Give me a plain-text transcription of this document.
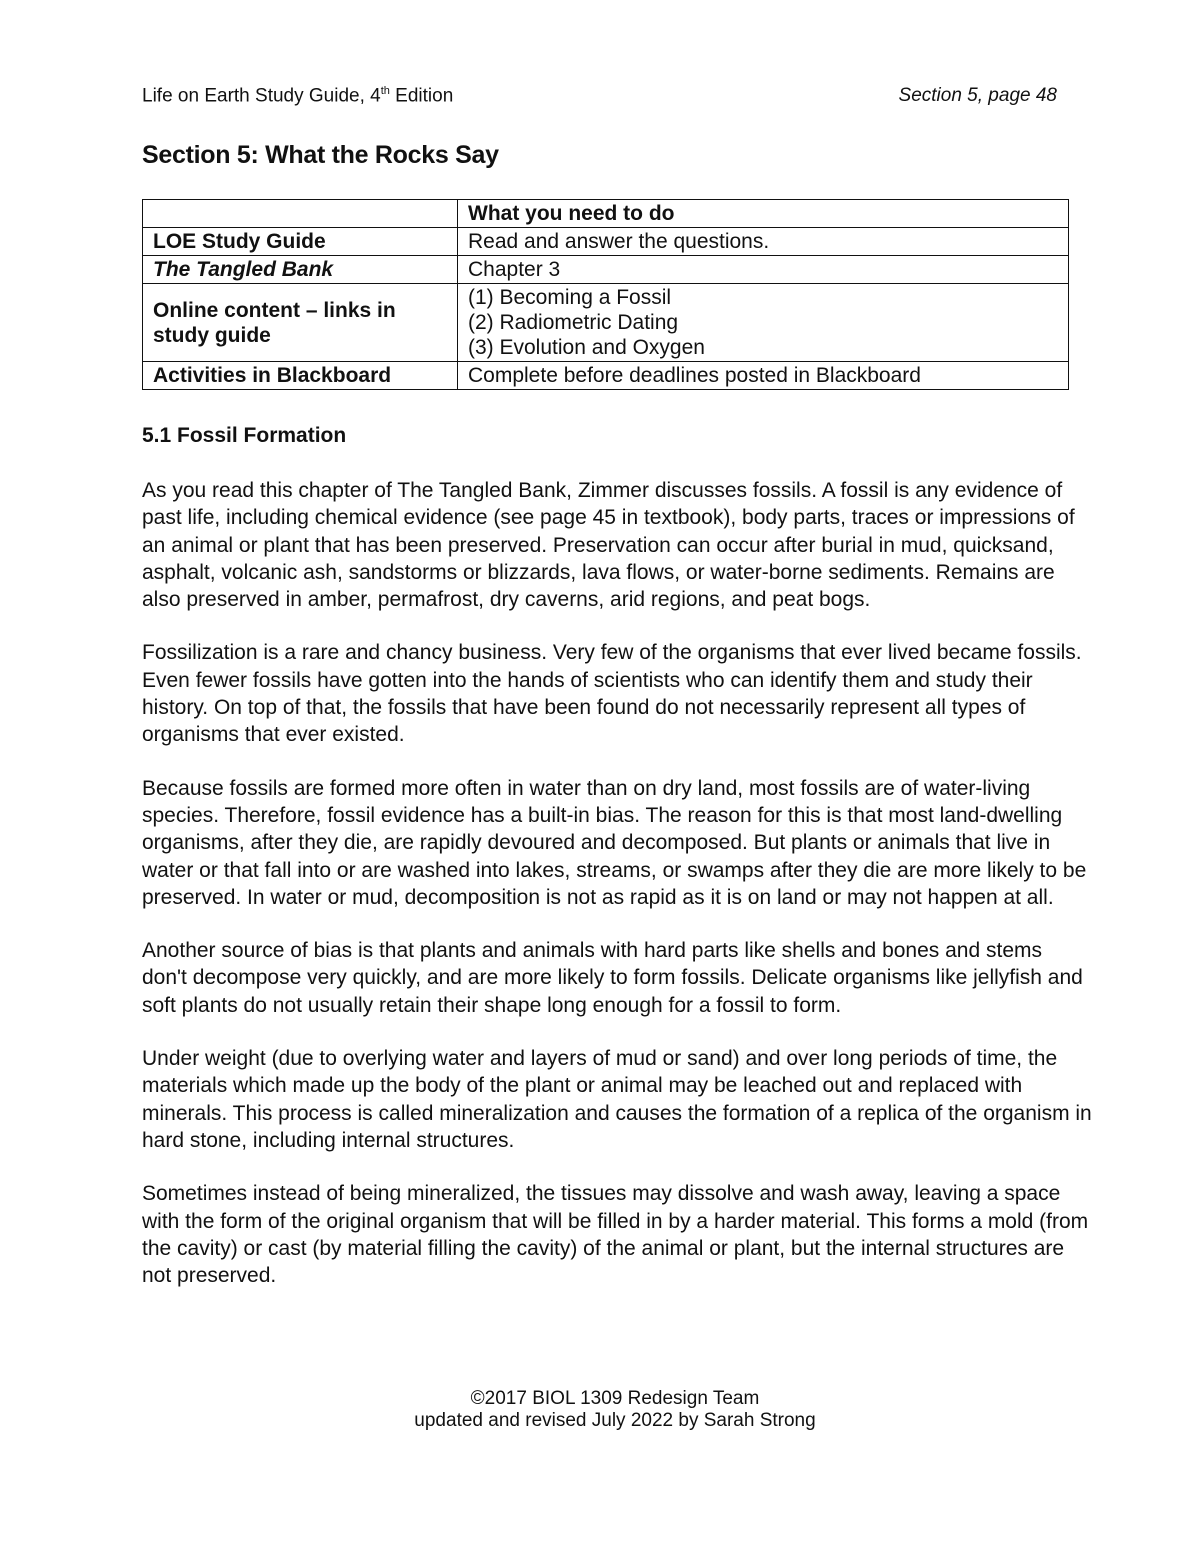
Life on Earth Study Guide, 4th Edition	Section 5, page 48
Section 5: What the Rocks Say
	What you need to do
LOE Study Guide	Read and answer the questions.

The Tangled Bank	Chapter 3

Online content – links in study guide	(1) Becoming a Fossil
(2) Radiometric Dating
(3) Evolution and Oxygen

Activities in Blackboard	Complete before deadlines posted in Blackboard
5.1 Fossil Formation

As you read this chapter of The Tangled Bank, Zimmer discusses fossils. A fossil is any evidence of past life, including chemical evidence (see page 45 in textbook), body parts, traces or impressions of an animal or plant that has been preserved. Preservation can occur after burial in mud, quicksand, asphalt, volcanic ash, sandstorms or blizzards, lava flows, or water-borne sediments. Remains are also preserved in amber, permafrost, dry caverns, arid regions, and peat bogs.

Fossilization is a rare and chancy business. Very few of the organisms that ever lived became fossils. Even fewer fossils have gotten into the hands of scientists who can identify them and study their history. On top of that, the fossils that have been found do not necessarily represent all types of organisms that ever existed.

Because fossils are formed more often in water than on dry land, most fossils are of water-living species. Therefore, fossil evidence has a built-in bias. The reason for this is that most land-dwelling organisms, after they die, are rapidly devoured and decomposed. But plants or animals that live in water or that fall into or are washed into lakes, streams, or swamps after they die are more likely to be preserved. In water or mud, decomposition is not as rapid as it is on land or may not happen at all.

Another source of bias is that plants and animals with hard parts like shells and bones and stems don't decompose very quickly, and are more likely to form fossils. Delicate organisms like jellyfish and soft plants do not usually retain their shape long enough for a fossil to form.

Under weight (due to overlying water and layers of mud or sand) and over long periods of time, the materials which made up the body of the plant or animal may be leached out and replaced with minerals. This process is called mineralization and causes the formation of a replica of the organism in hard stone, including internal structures.

Sometimes instead of being mineralized, the tissues may dissolve and wash away, leaving a space with the form of the original organism that will be filled in by a harder material. This forms a mold (from the cavity) or cast (by material filling the cavity) of the animal or plant, but the internal structures are not preserved.

©2017 BIOL 1309 Redesign Team
updated and revised July 2022 by Sarah Strong
